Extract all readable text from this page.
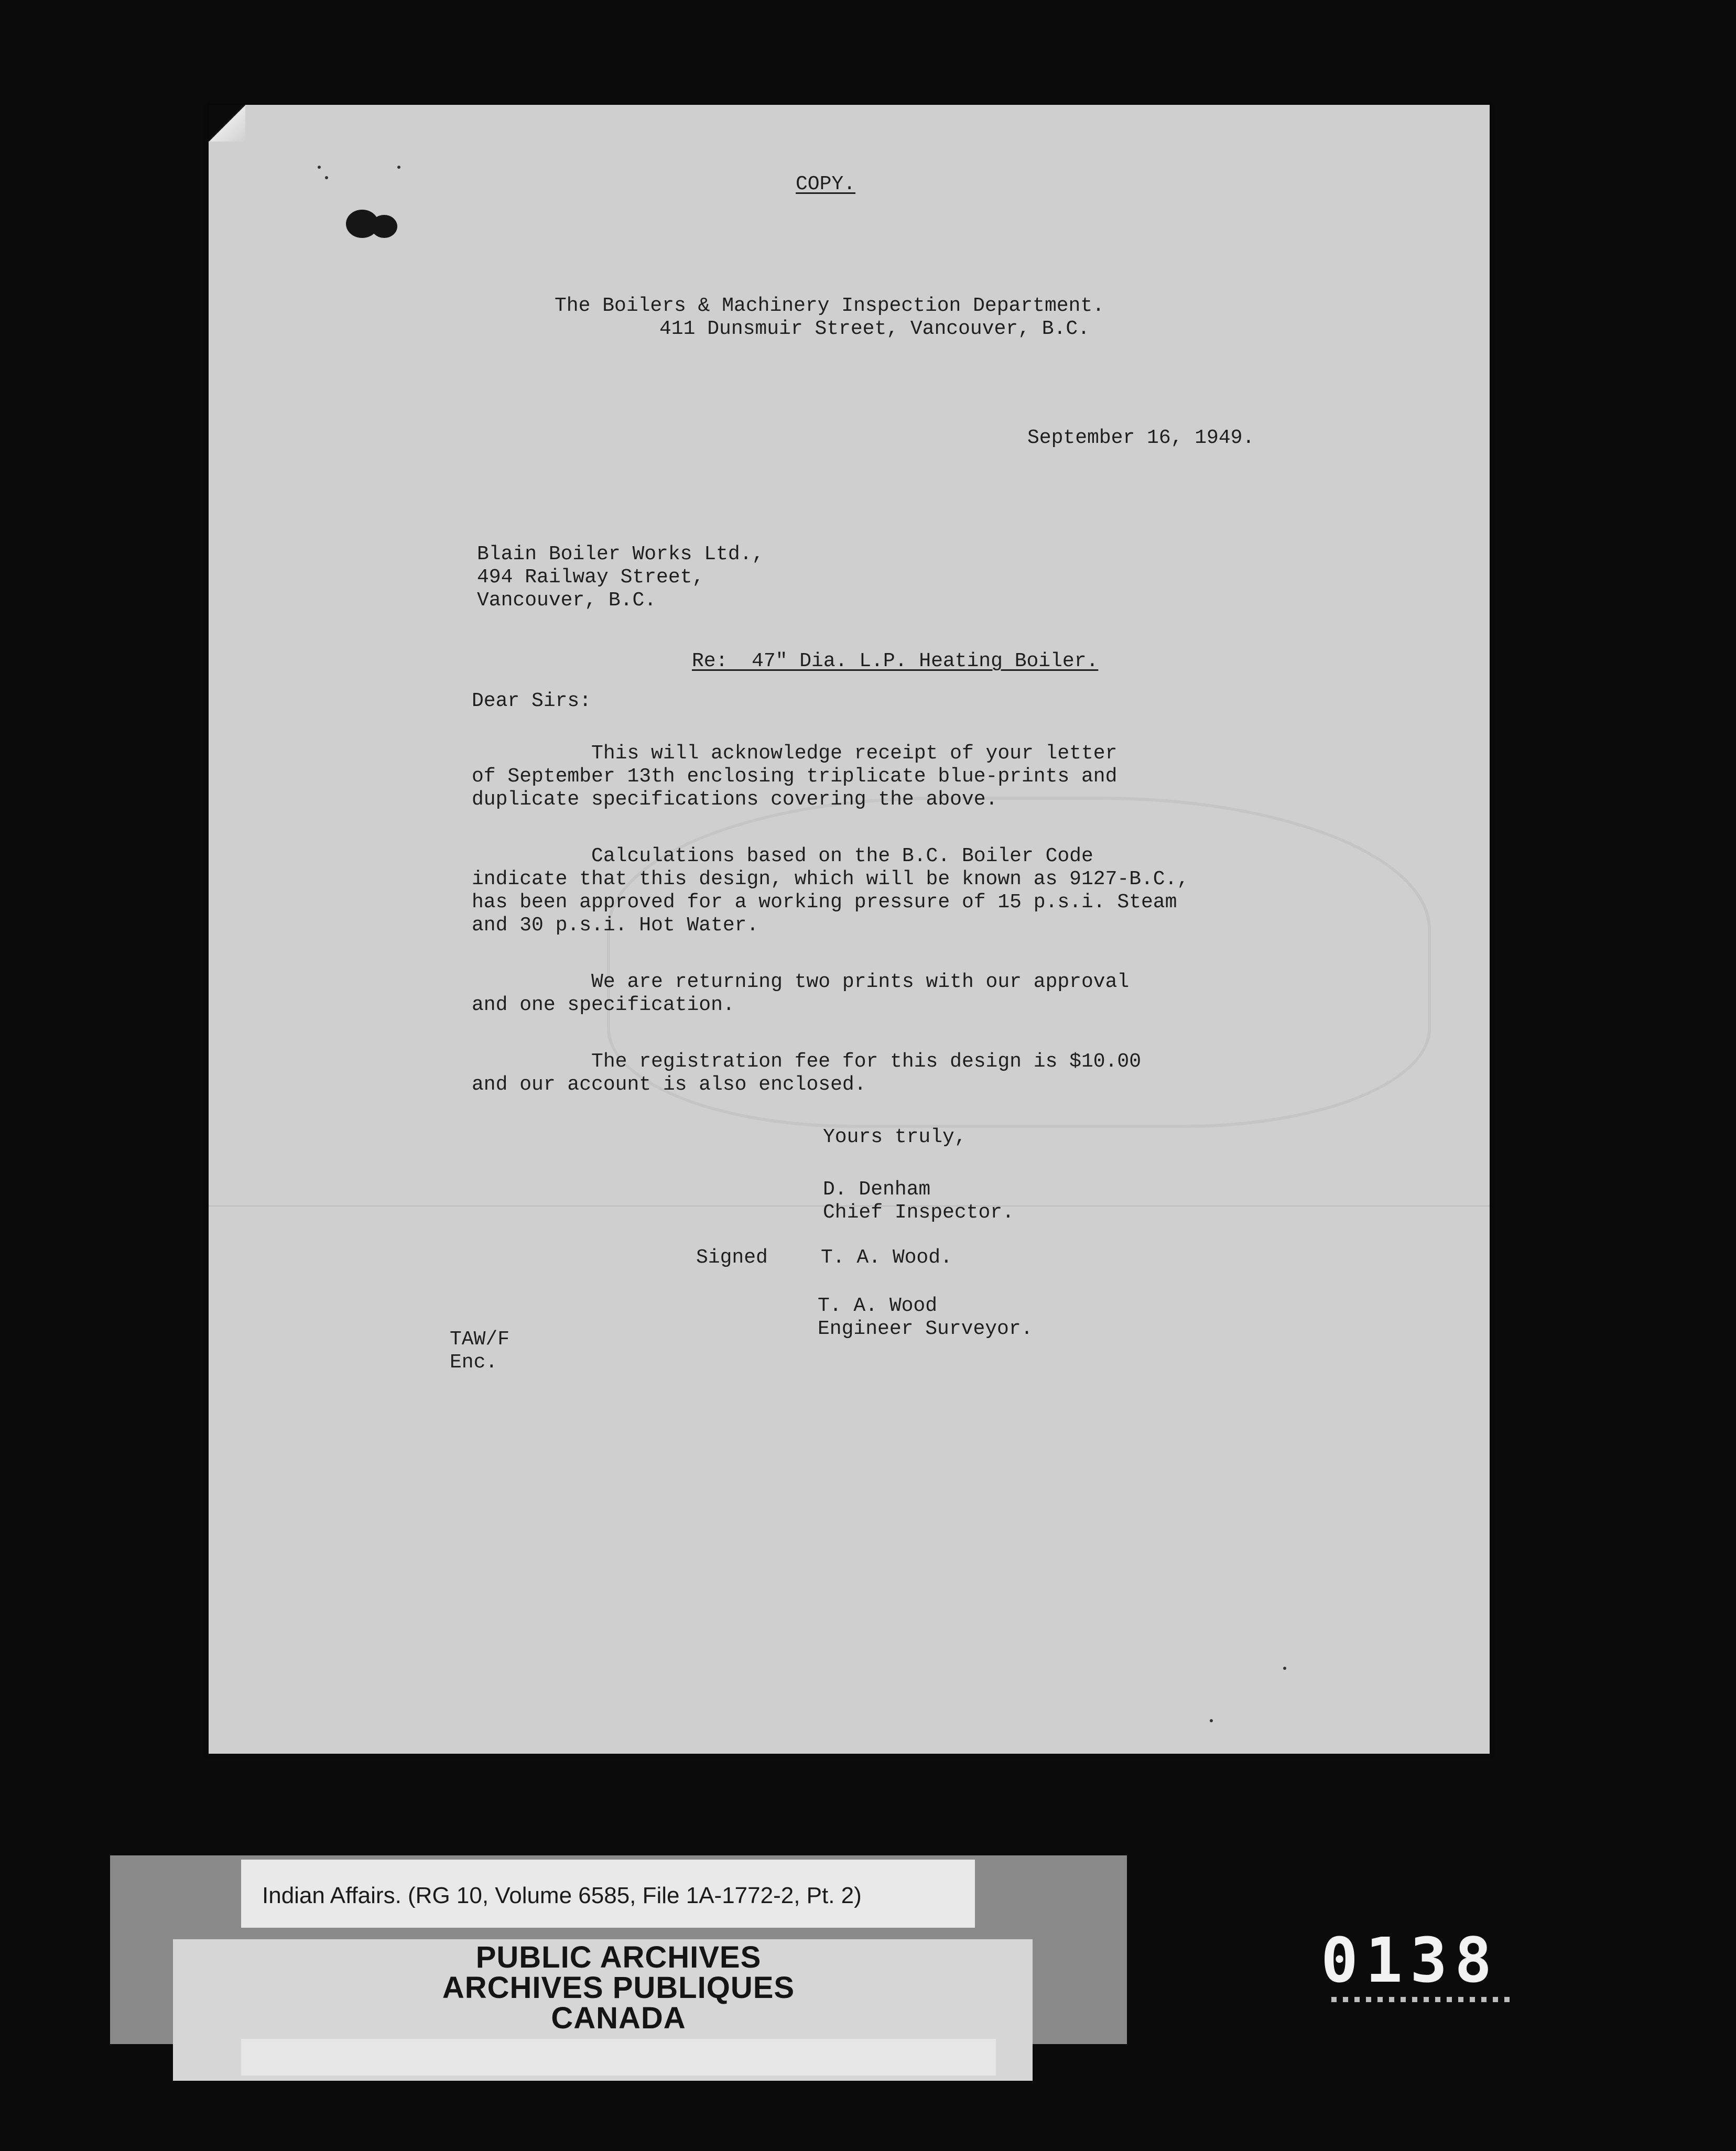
COPY.
The Boilers & Machinery Inspection Department.
411 Dunsmuir Street, Vancouver, B.C.
September 16, 1949.
Blain Boiler Works Ltd.,
494 Railway Street,
Vancouver, B.C.
Re:  47" Dia. L.P. Heating Boiler.
Dear Sirs:
This will acknowledge receipt of your letter
of September 13th enclosing triplicate blue-prints and
duplicate specifications covering the above.
Calculations based on the B.C. Boiler Code
indicate that this design, which will be known as 9127-B.C.,
has been approved for a working pressure of 15 p.s.i. Steam
and 30 p.s.i. Hot Water.
We are returning two prints with our approval
and one specification.
The registration fee for this design is $10.00
and our account is also enclosed.
Yours truly,
D. Denham
Chief Inspector.
Signed	T. A. Wood.
T. A. Wood
Engineer Surveyor.
TAW/F
Enc.
Indian Affairs. (RG 10, Volume 6585, File 1A-1772-2, Pt. 2)
PUBLIC ARCHIVES
ARCHIVES PUBLIQUES
CANADA
0138
